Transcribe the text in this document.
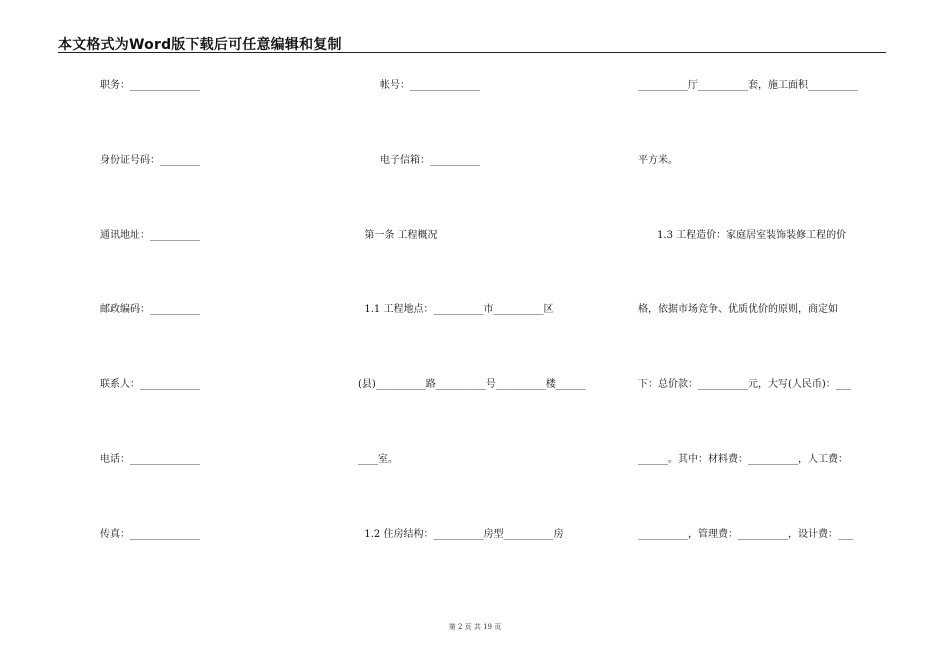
本文格式为Word版下载后可任意编辑和复制
职务：______________
身份证号码：________
通讯地址：__________
邮政编码：__________
联系人：____________
电话：______________
传真：______________
帐号：______________
电子信箱：__________
第一条 工程概况
1.1 工程地点：__________市__________区
(县)__________路__________号__________楼______
____室。
1.2 住房结构：__________房型__________房
__________厅__________套，施工面积__________
平方米。
1.3 工程造价：家庭居室装饰装修工程的价
格，依据市场竞争、优质优价的原则，商定如
下：总价款：__________元，大写(人民币)：___
______。其中：材料费：__________，人工费：
__________，管理费：__________，设计费：___
第 2 页 共 19 页
